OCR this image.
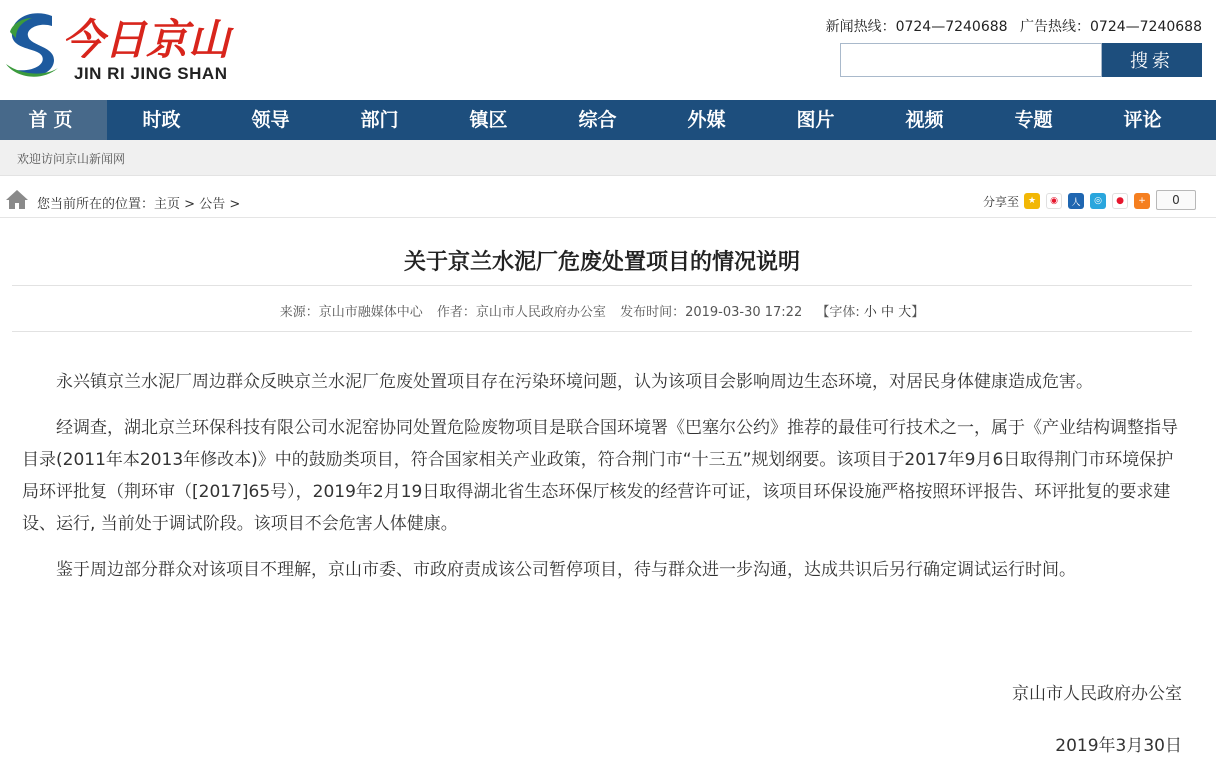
今日京山
JIN RI JING SHAN
新闻热线：0724—7240688 广告热线：0724—7240688
搜索
首页	时政	领导	部门	镇区	综合	外媒	图片	视频	专题	评论
欢迎访问京山新闻网
您当前所在的位置：主页 > 公告 >	分享至 ★	◉	人	◎	●	+	0
关于京兰水泥厂危废处置项目的情况说明
来源：京山市融媒体中心 作者：京山市人民政府办公室 发布时间：2019-03-30 17:22 【字体: 小 中 大】

永兴镇京兰水泥厂周边群众反映京兰水泥厂危废处置项目存在污染环境问题，认为该项目会影响周边生态环境，对居民身体健康造成危害。

经调查，湖北京兰环保科技有限公司水泥窑协同处置危险废物项目是联合国环境署《巴塞尔公约》推荐的最佳可行技术之一，属于《产业结构调整指导目录(2011年本2013年修改本)》中的鼓励类项目，符合国家相关产业政策，符合荆门市“十三五”规划纲要。该项目于2017年9月6日取得荆门市环境保护局环评批复（荆环审（[2017]65号），2019年2月19日取得湖北省生态环保厅核发的经营许可证，该项目环保设施严格按照环评报告、环评批复的要求建设、运行, 当前处于调试阶段。该项目不会危害人体健康。

鉴于周边部分群众对该项目不理解，京山市委、市政府责成该公司暂停项目，待与群众进一步沟通，达成共识后另行确定调试运行时间。

京山市人民政府办公室
2019年3月30日
